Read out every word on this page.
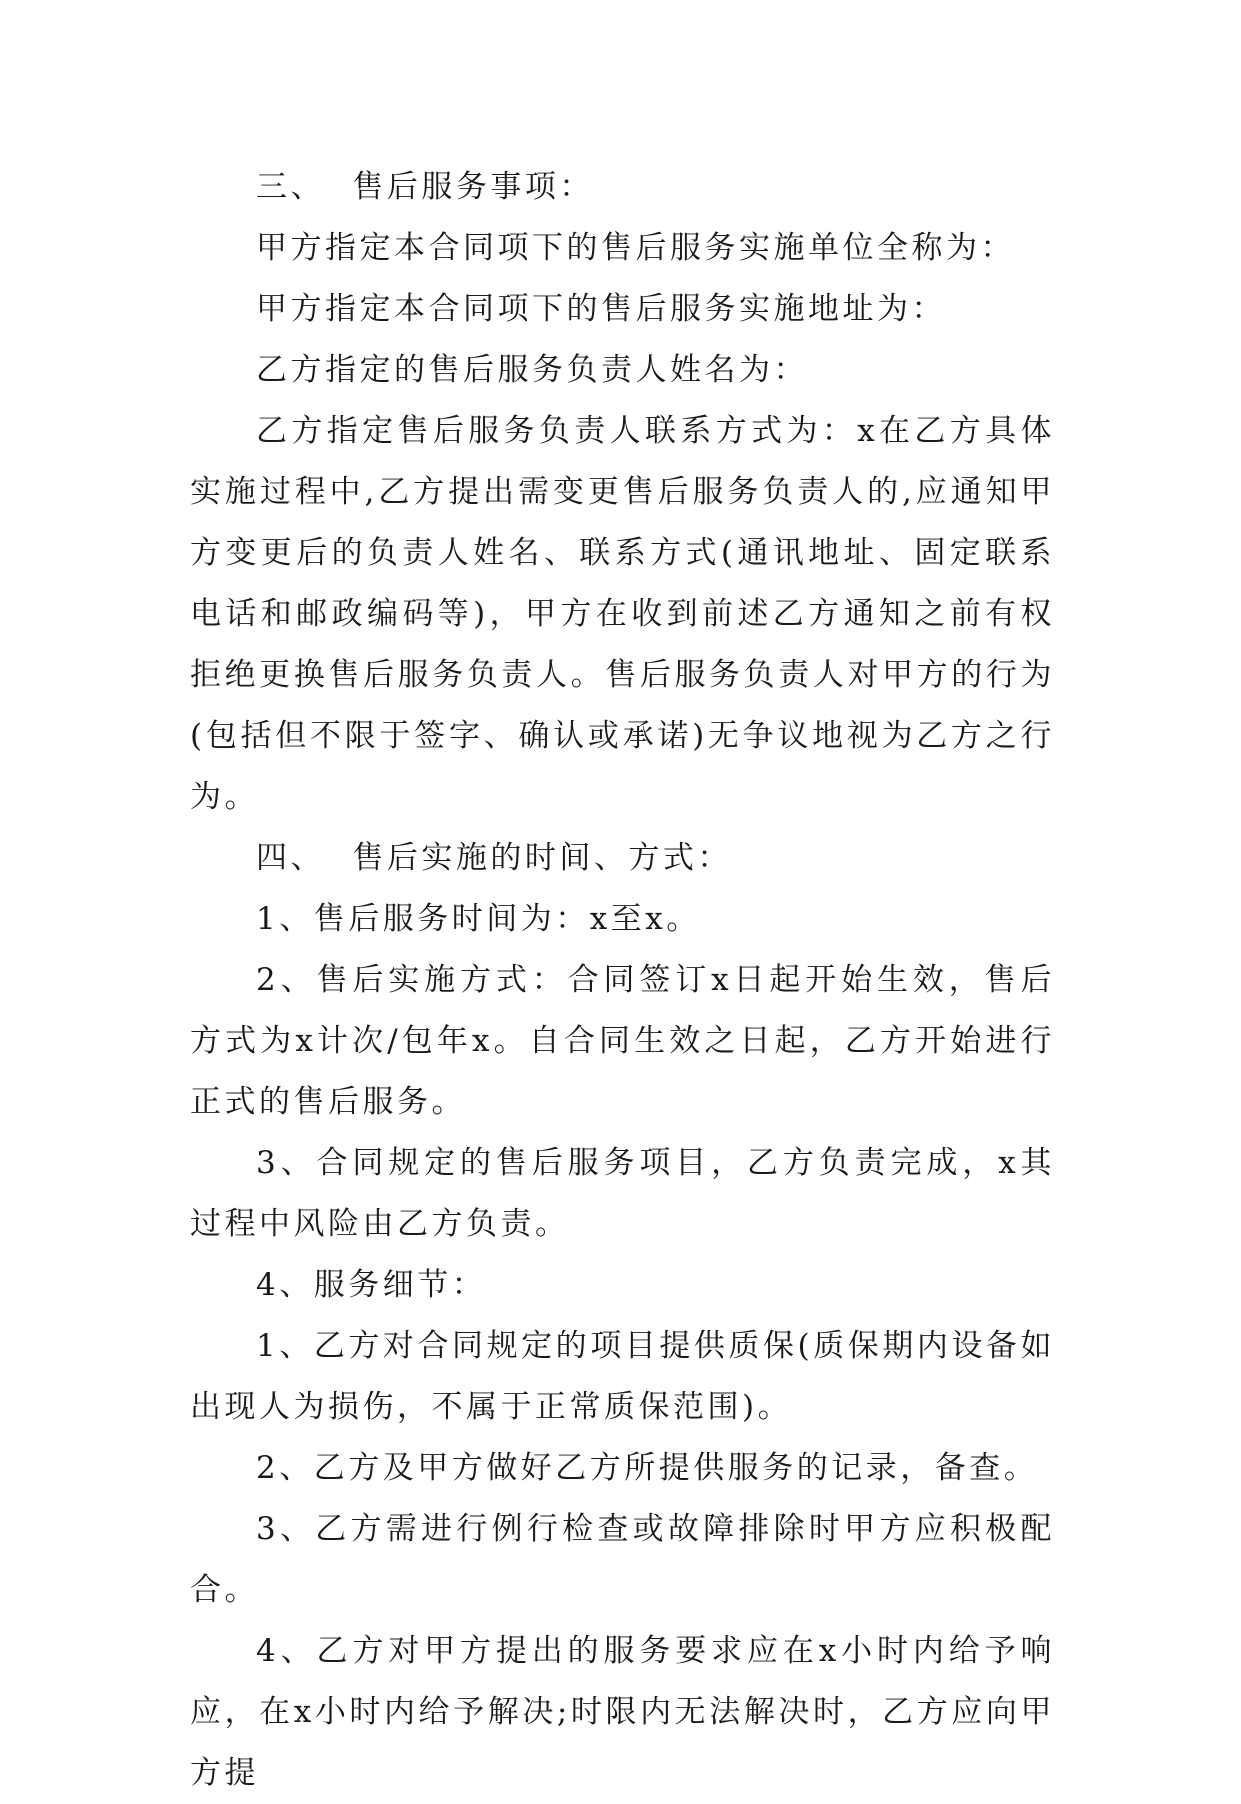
三、 售后服务事项：

甲方指定本合同项下的售后服务实施单位全称为：

甲方指定本合同项下的售后服务实施地址为：

乙方指定的售后服务负责人姓名为：

乙方指定售后服务负责人联系方式为：x在乙方具体实施过程中,乙方提出需变更售后服务负责人的,应通知甲方变更后的负责人姓名、联系方式(通讯地址、固定联系电话和邮政编码等)，甲方在收到前述乙方通知之前有权拒绝更换售后服务负责人。售后服务负责人对甲方的行为(包括但不限于签字、确认或承诺)无争议地视为乙方之行为。

四、 售后实施的时间、方式：

1、售后服务时间为：x至x。

2、售后实施方式：合同签订x日起开始生效，售后方式为x计次/包年x。自合同生效之日起，乙方开始进行正式的售后服务。

3、合同规定的售后服务项目，乙方负责完成，x其过程中风险由乙方负责。

4、服务细节：

1、乙方对合同规定的项目提供质保(质保期内设备如出现人为损伤，不属于正常质保范围)。

2、乙方及甲方做好乙方所提供服务的记录，备查。

3、乙方需进行例行检查或故障排除时甲方应积极配合。

4、乙方对甲方提出的服务要求应在x小时内给予响应，在x小时内给予解决;时限内无法解决时，乙方应向甲方提
